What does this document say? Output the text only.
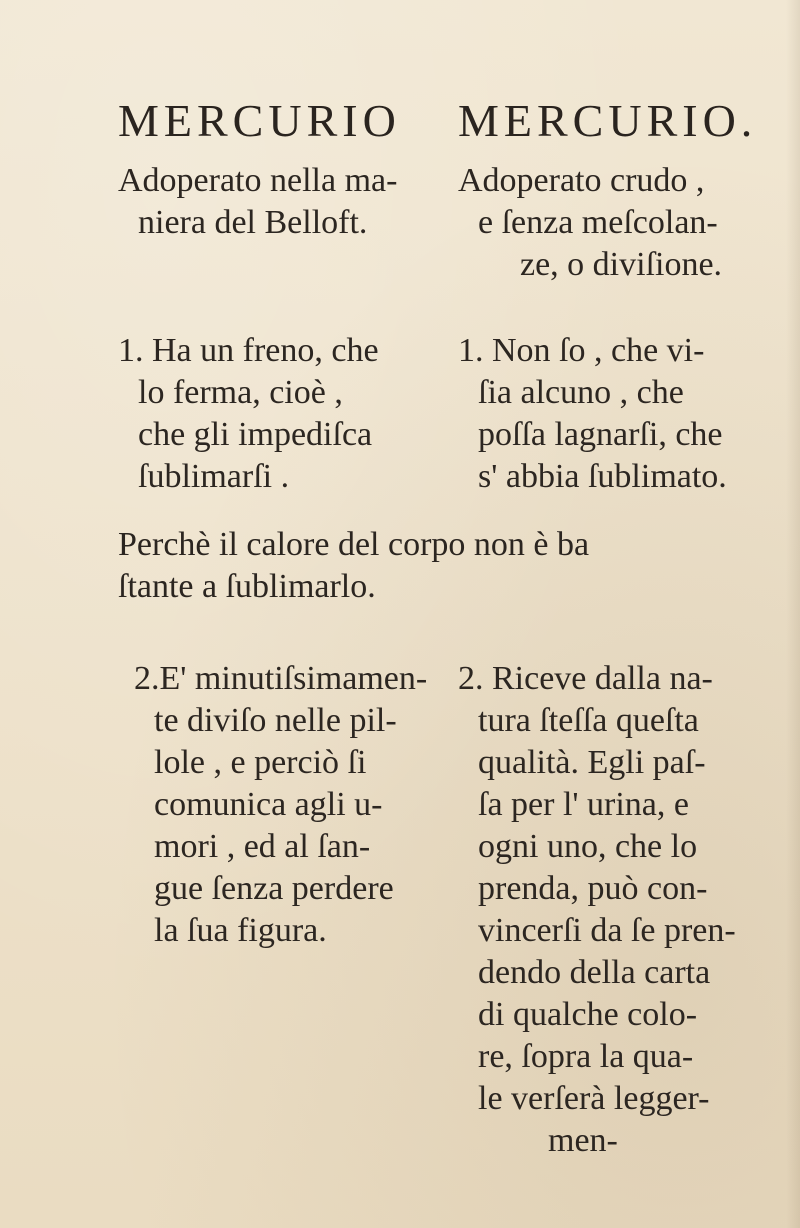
MERCURIO MERCURIO.
Adoperato nella ma-
niera del Belloft.
Adoperato crudo ,
e ſenza meſcolan-
ze, o diviſione.
1. Ha un freno, che
lo ferma, cioè ,
che gli impediſca
ſublimarſi .
1. Non ſo , che vi-
ſia alcuno , che
poſſa lagnarſi, che
s' abbia ſublimato.
Perchè il calore del corpo non è ba
ſtante a ſublimarlo.
2.E' minutiſsimamen-
te diviſo nelle pil-
lole , e perciò ſi
comunica agli u-
mori , ed al ſan-
gue ſenza perdere
la ſua figura.
2. Riceve dalla na-
tura ſteſſa queſta
qualità. Egli paſ-
ſa per l' urina, e
ogni uno, che lo
prenda, può con-
vincerſi da ſe pren-
dendo della carta
di qualche colo-
re, ſopra la qua-
le verſerà legger-
men-
